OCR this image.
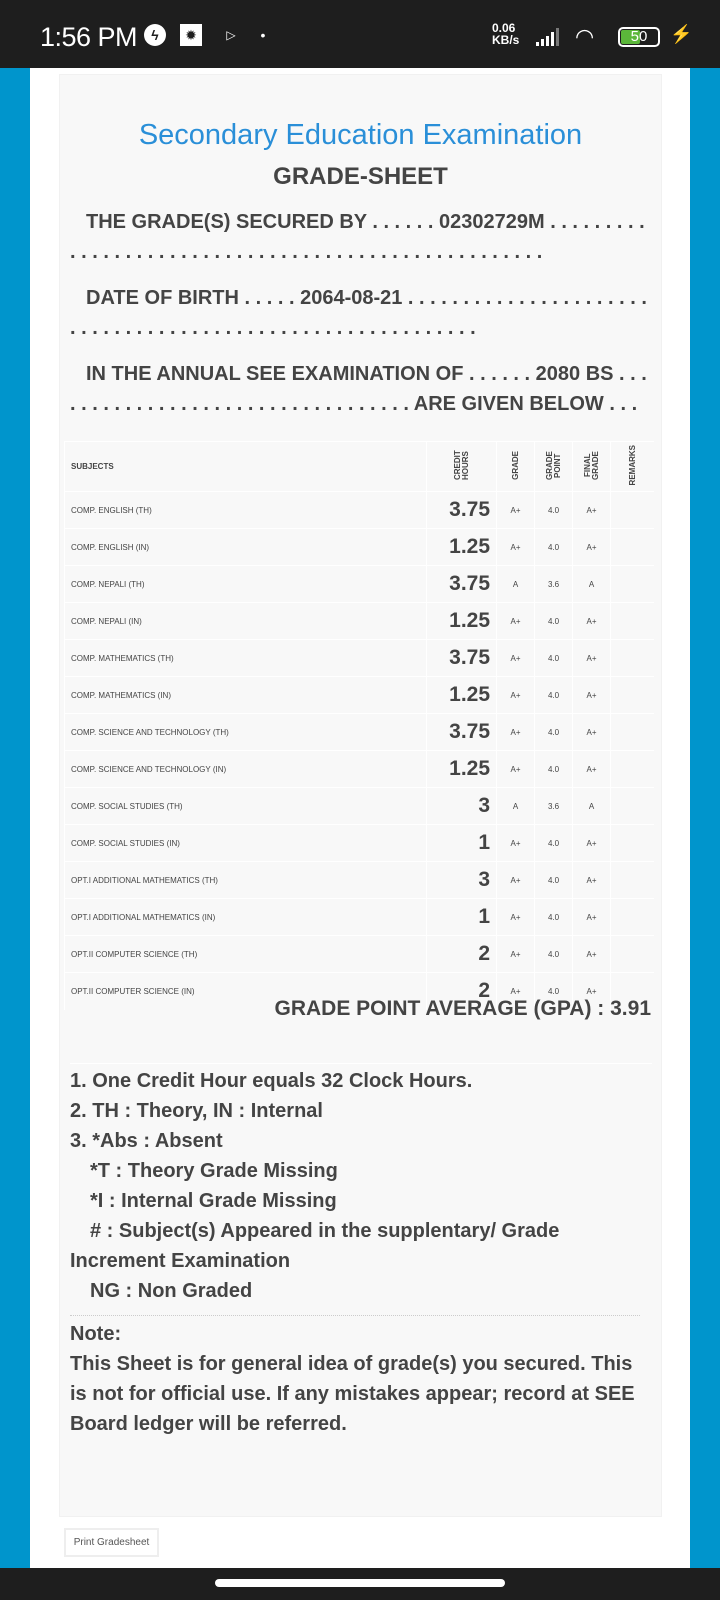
1:56 PM	ϟ	✹	▷	•	0.06
KB/s	◠	50	⚡
Secondary Education Examination
GRADE-SHEET
THE GRADE(S) SECURED BY . . . . . . 02302729M . . . . . . . . . . . . . . . . . . . . . . . . . . . . . . . . . . . . . . . . . . . . . . . . . . . .
DATE OF BIRTH . . . . . 2064-08-21 . . . . . . . . . . . . . . . . . . . . . . . . . . . . . . . . . . . . . . . . . . . . . . . . . . . . . . . . . . .
IN THE ANNUAL SEE EXAMINATION OF . . . . . . 2080 BS . . . . . . . . . . . . . . . . . . . . . . . . . . . . . . . . . . ARE GIVEN BELOW . . .
SUBJECTS	CREDIT HOURS	GRADE	GRADE POINT	FINAL GRADE	REMARKS
COMP. ENGLISH (TH)	3.75	A+	4.0	A+	
COMP. ENGLISH (IN)	1.25	A+	4.0	A+	
COMP. NEPALI (TH)	3.75	A	3.6	A	
COMP. NEPALI (IN)	1.25	A+	4.0	A+	
COMP. MATHEMATICS (TH)	3.75	A+	4.0	A+	
COMP. MATHEMATICS (IN)	1.25	A+	4.0	A+	
COMP. SCIENCE AND TECHNOLOGY (TH)	3.75	A+	4.0	A+	
COMP. SCIENCE AND TECHNOLOGY (IN)	1.25	A+	4.0	A+	
COMP. SOCIAL STUDIES (TH)	3	A	3.6	A	
COMP. SOCIAL STUDIES (IN)	1	A+	4.0	A+	
OPT.I ADDITIONAL MATHEMATICS (TH)	3	A+	4.0	A+	
OPT.I ADDITIONAL MATHEMATICS (IN)	1	A+	4.0	A+	
OPT.II COMPUTER SCIENCE (TH)	2	A+	4.0	A+	
OPT.II COMPUTER SCIENCE (IN)	2	A+	4.0	A+	
GRADE POINT AVERAGE (GPA) : 3.91
1. One Credit Hour equals 32 Clock Hours.
2. TH : Theory, IN : Internal
3. *Abs : Absent
*T : Theory Grade Missing
*I : Internal Grade Missing
# : Subject(s) Appeared in the supplentary/ Grade
Increment Examination
NG : Non Graded
Note:
This Sheet is for general idea of grade(s) you secured. This is not for official use. If any mistakes appear; record at SEE Board ledger will be referred.
Print Gradesheet
